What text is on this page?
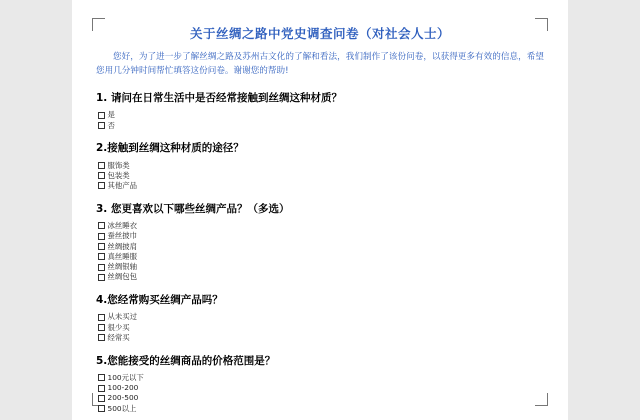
关于丝绸之路中党史调查问卷（对社会人士）
您好，为了进一步了解丝绸之路及苏州古文化的了解和看法，我们制作了该份问卷，以获得更多有效的信息，希望您用几分钟时间帮忙填答这份问卷。谢谢您的帮助!
1. 请问在日常生活中是否经常接触到丝绸这种材质？
是
否
2.接触到丝绸这种材质的途径？
服饰类
包装类
其他产品
3. 您更喜欢以下哪些丝绸产品？（多选）
冰丝睡衣
蚕丝披巾
丝绸披肩
真丝睡服
丝绸银轴
丝绸包包
4.您经常购买丝绸产品吗？
从未买过
很少买
经常买
5.您能接受的丝绸商品的价格范围是？
100元以下
100-200
200-500
500以上
